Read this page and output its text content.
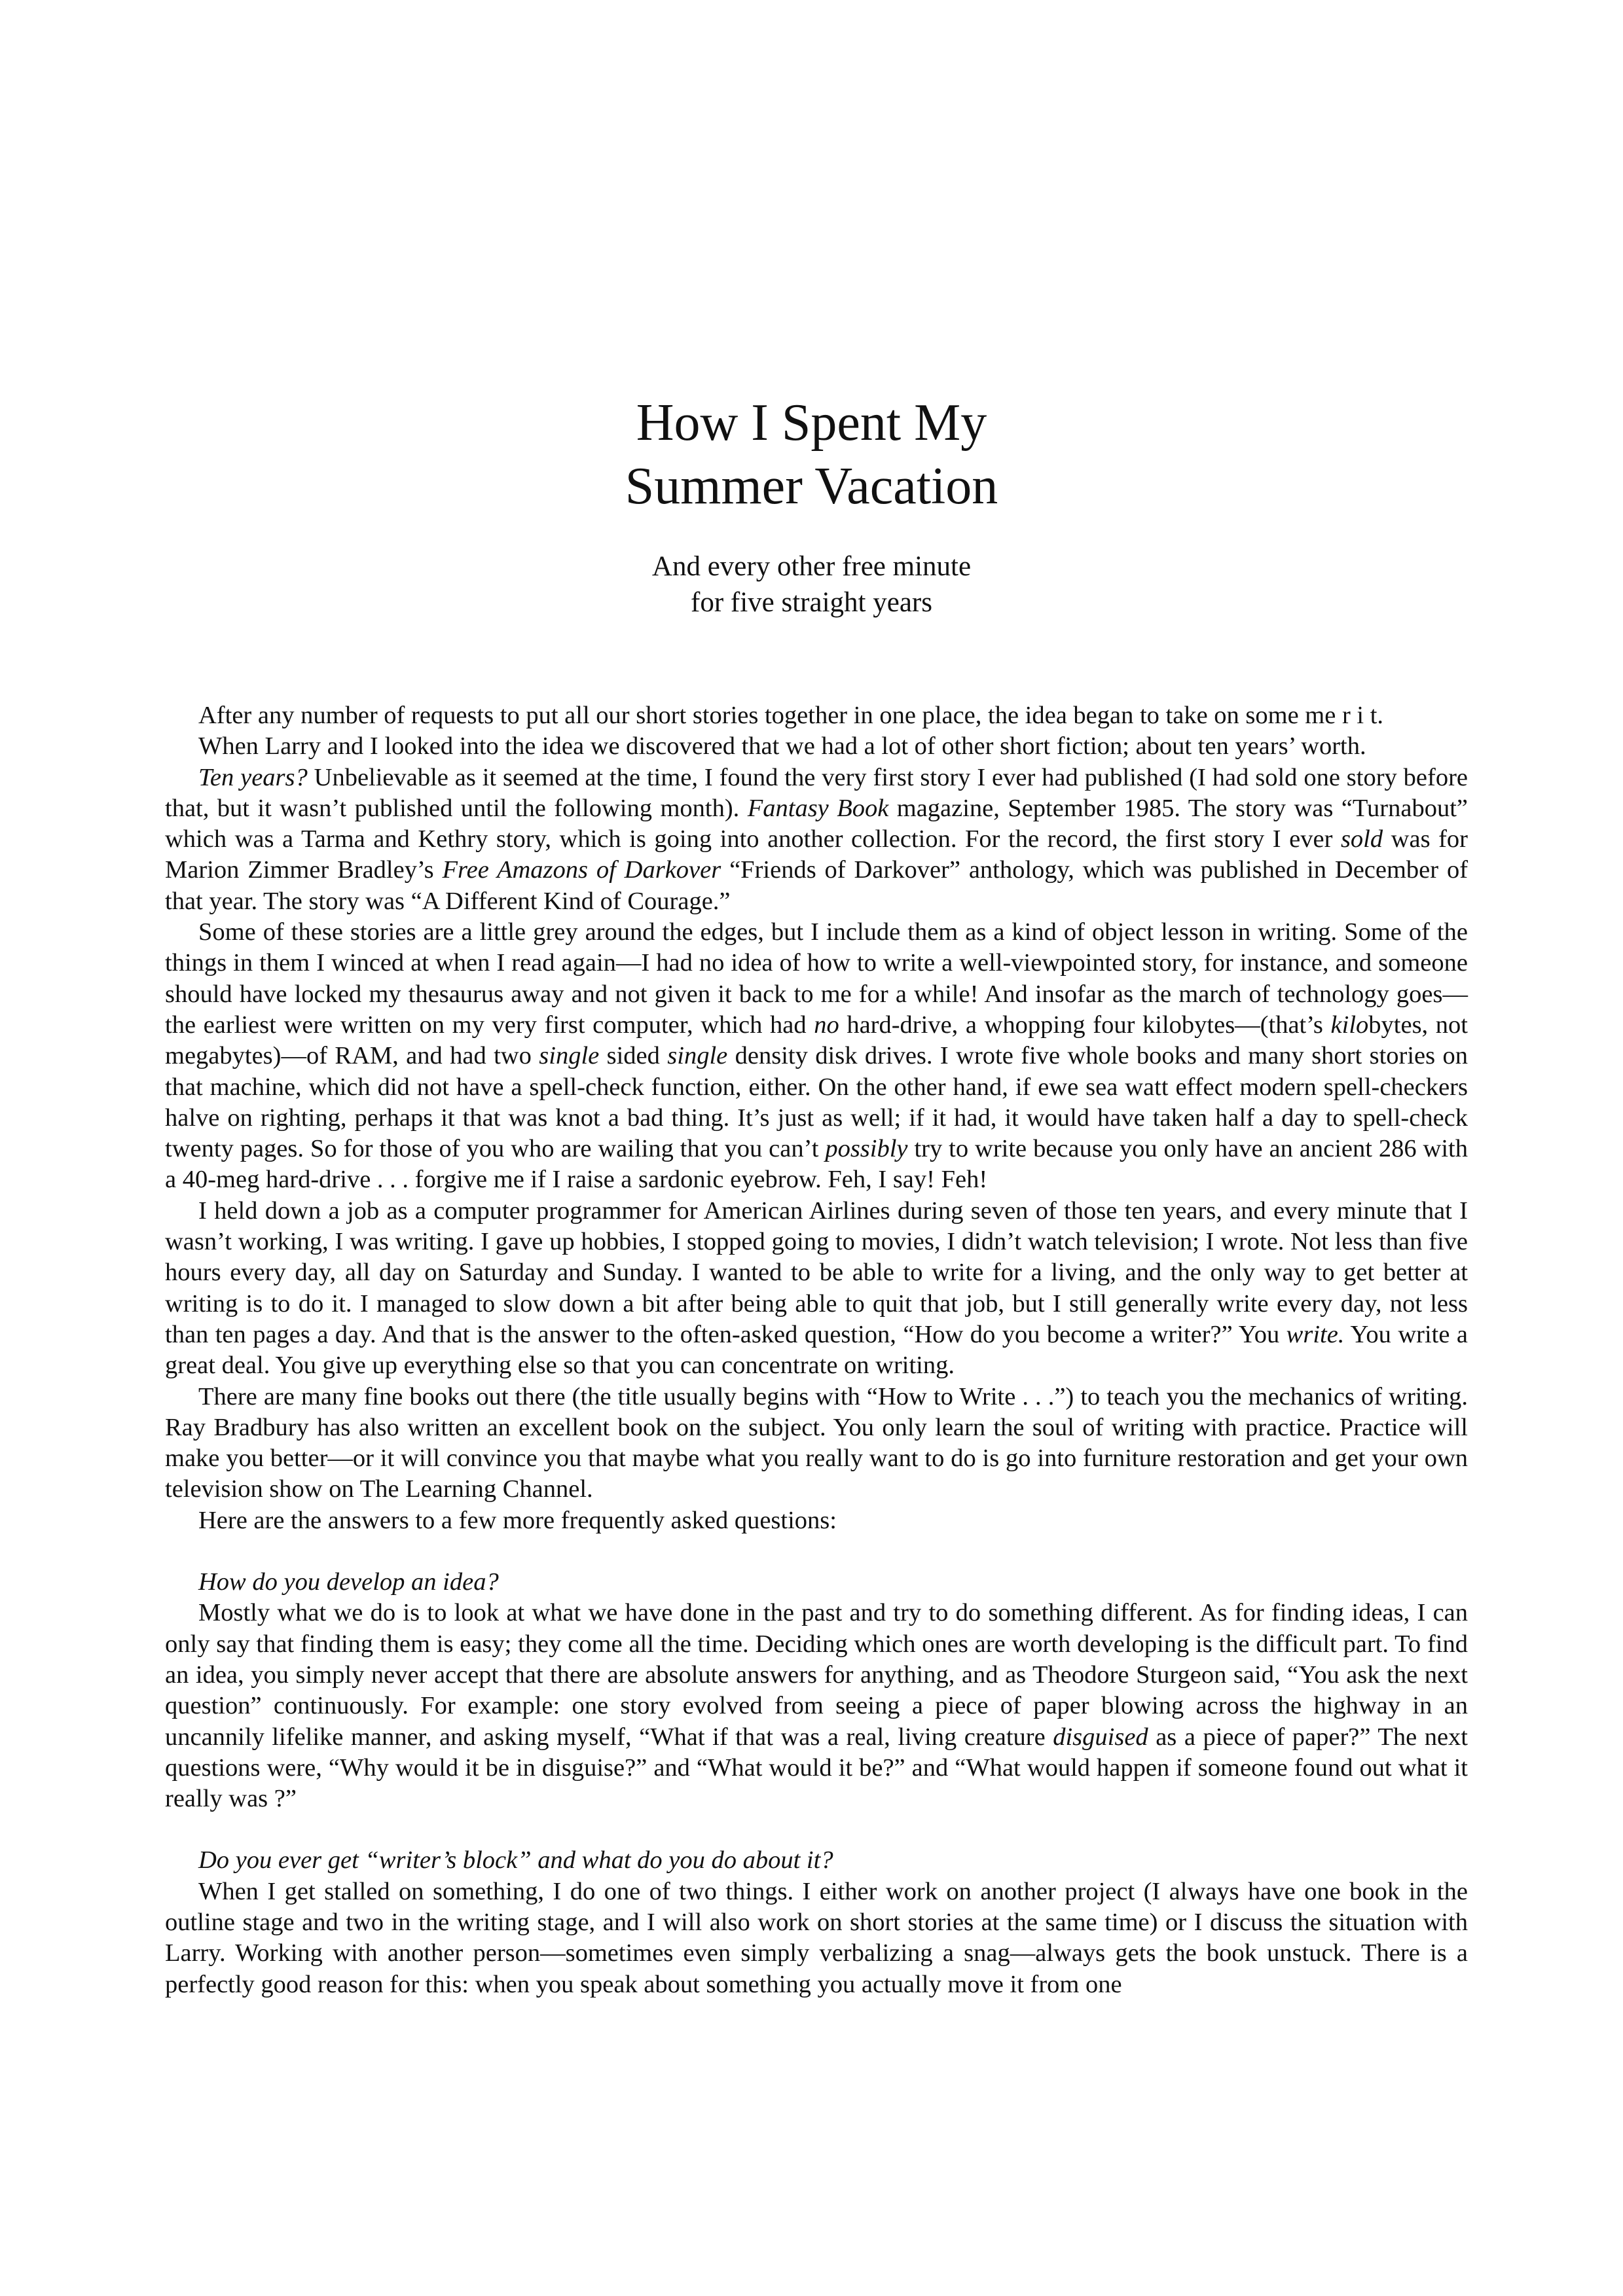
How I Spent My
Summer Vacation
And every other free minute
for five straight years

After any number of requests to put all our short stories together in one place, the idea began to take on some me r i t.

When Larry and I looked into the idea we discovered that we had a lot of other short fiction; about ten years’ worth.

Ten years? Unbelievable as it seemed at the time, I found the very first story I ever had published (I had sold one story before that, but it wasn’t published until the following month). Fantasy Book magazine, September 1985. The story was “Turnabout” which was a Tarma and Kethry story, which is going into another collection. For the record, the first story I ever sold was for Marion Zimmer Bradley’s Free Amazons of Darkover “Friends of Darkover” anthology, which was published in December of that year. The story was “A Different Kind of Courage.”

Some of these stories are a little grey around the edges, but I include them as a kind of object lesson in writing. Some of the things in them I winced at when I read again—I had no idea of how to write a well-viewpointed story, for instance, and someone should have locked my thesaurus away and not given it back to me for a while! And insofar as the march of technology goes—the earliest were written on my very first computer, which had no hard-drive, a whopping four kilobytes—(that’s kilobytes, not megabytes)—of RAM, and had two single sided single density disk drives. I wrote five whole books and many short stories on that machine, which did not have a spell-check function, either. On the other hand, if ewe sea watt effect modern spell-checkers halve on righting, perhaps it that was knot a bad thing. It’s just as well; if it had, it would have taken half a day to spell-check twenty pages. So for those of you who are wailing that you can’t possibly try to write because you only have an ancient 286 with a 40-meg hard-drive . . . forgive me if I raise a sardonic eyebrow. Feh, I say! Feh!

I held down a job as a computer programmer for American Airlines during seven of those ten years, and every minute that I wasn’t working, I was writing. I gave up hobbies, I stopped going to movies, I didn’t watch television; I wrote. Not less than five hours every day, all day on Saturday and Sunday. I wanted to be able to write for a living, and the only way to get better at writing is to do it. I managed to slow down a bit after being able to quit that job, but I still generally write every day, not less than ten pages a day. And that is the answer to the often-asked question, “How do you become a writer?” You write. You write a great deal. You give up everything else so that you can concentrate on writing.

There are many fine books out there (the title usually begins with “How to Write . . .”) to teach you the mechanics of writing. Ray Bradbury has also written an excellent book on the subject. You only learn the soul of writing with practice. Practice will make you better—or it will convince you that maybe what you really want to do is go into furniture restoration and get your own television show on The Learning Channel.

Here are the answers to a few more frequently asked questions:

How do you develop an idea?

Mostly what we do is to look at what we have done in the past and try to do something different. As for finding ideas, I can only say that finding them is easy; they come all the time. Deciding which ones are worth developing is the difficult part. To find an idea, you simply never accept that there are absolute answers for anything, and as Theodore Sturgeon said, “You ask the next question” continuously. For example: one story evolved from seeing a piece of paper blowing across the highway in an uncannily lifelike manner, and asking myself, “What if that was a real, living creature disguised as a piece of paper?” The next questions were, “Why would it be in disguise?” and “What would it be?” and “What would happen if someone found out what it really was ?”

Do you ever get “writer’s block” and what do you do about it?

When I get stalled on something, I do one of two things. I either work on another project (I always have one book in the outline stage and two in the writing stage, and I will also work on short stories at the same time) or I discuss the situation with Larry. Working with another person—sometimes even simply verbalizing a snag—always gets the book unstuck. There is a perfectly good reason for this: when you speak about something you actually move it from one
